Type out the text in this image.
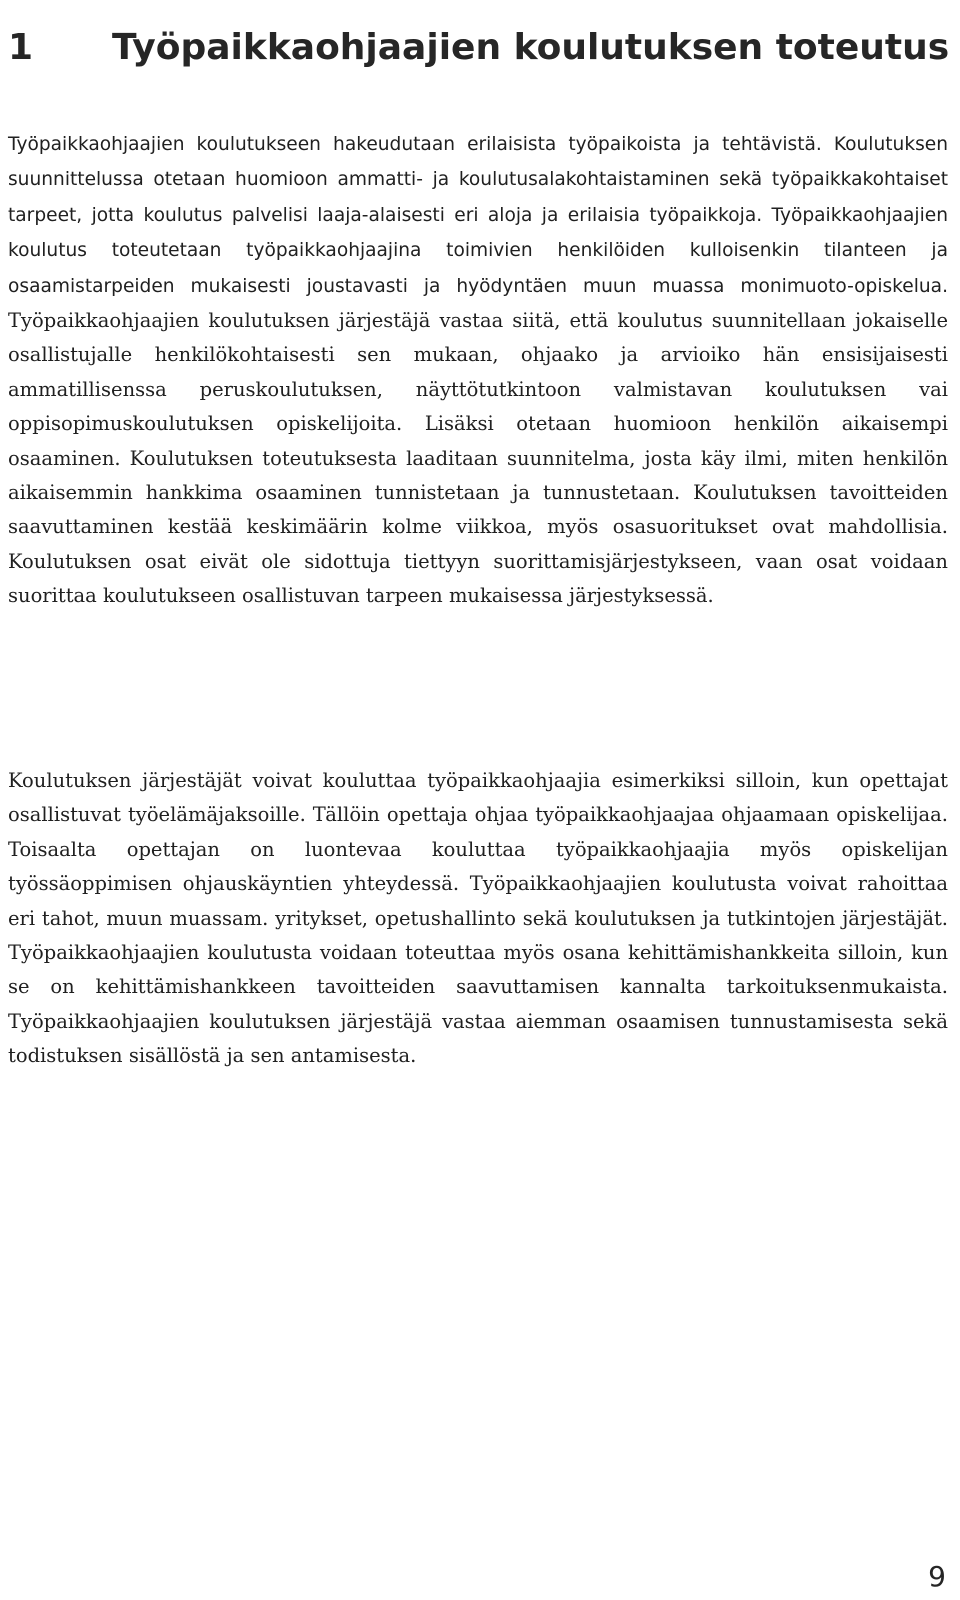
1 Työpaikkaohjaajien koulutuksen toteutus

Työpaikkaohjaajien koulutukseen hakeudutaan erilaisista työpaikoista ja tehtävistä. Koulutuksen suunnittelussa otetaan huomioon ammatti- ja koulutusalakohtaistaminen sekä työpaikkakohtaiset tarpeet, jotta koulutus palvelisi laaja-alaisesti eri aloja ja erilaisia työpaikkoja. Työpaikkaohjaajien koulutus toteutetaan työpaikkaohjaajina toimivien henkilöiden kulloisenkin tilanteen ja osaamistarpeiden mukaisesti joustavasti ja hyödyntäen muun muassa monimuoto-opiskelua. Työpaikkaohjaajien koulutuksen järjestäjä vastaa siitä, että koulutus suunnitellaan jokaiselle osallistujalle henkilökohtaisesti sen mukaan, ohjaako ja arvioiko hän ensisijaisesti ammatillisenssa peruskoulutuksen, näyttötutkintoon valmistavan koulutuksen vai oppisopimuskoulutuksen opiskelijoita. Lisäksi otetaan huomioon henkilön aikaisempi osaaminen. Koulutuksen toteutuksesta laaditaan suunnitelma, josta käy ilmi, miten henkilön aikaisemmin hankkima osaaminen tunnistetaan ja tunnustetaan. Koulutuksen tavoitteiden saavuttaminen kestää keskimäärin kolme viikkoa, myös osasuoritukset ovat mahdollisia. Koulutuksen osat eivät ole sidottuja tiettyyn suorittamisjärjestykseen, vaan osat voidaan suorittaa koulutukseen osallistuvan tarpeen mukaisessa järjestyksessä.

Koulutuksen järjestäjät voivat kouluttaa työpaikkaohjaajia esimerkiksi silloin, kun opettajat osallistuvat työelämäjaksoille. Tällöin opettaja ohjaa työpaikkaohjaajaa ohjaamaan opiskelijaa. Toisaalta opettajan on luontevaa kouluttaa työpaikkaohjaajia myös opiskelijan työssäoppimisen ohjauskäyntien yhteydessä. Työpaikkaohjaajien koulutusta voivat rahoittaa eri tahot, muun muassam. yritykset, opetushallinto sekä koulutuksen ja tutkintojen järjestäjät. Työpaikkaohjaajien koulutusta voidaan toteuttaa myös osana kehittämishankkeita silloin, kun se on kehittämishankkeen tavoitteiden saavuttamisen kannalta tarkoituksenmukaista. Työpaikkaohjaajien koulutuksen järjestäjä vastaa aiemman osaamisen tunnustamisesta sekä todistuksen sisällöstä ja sen antamisesta.

9
